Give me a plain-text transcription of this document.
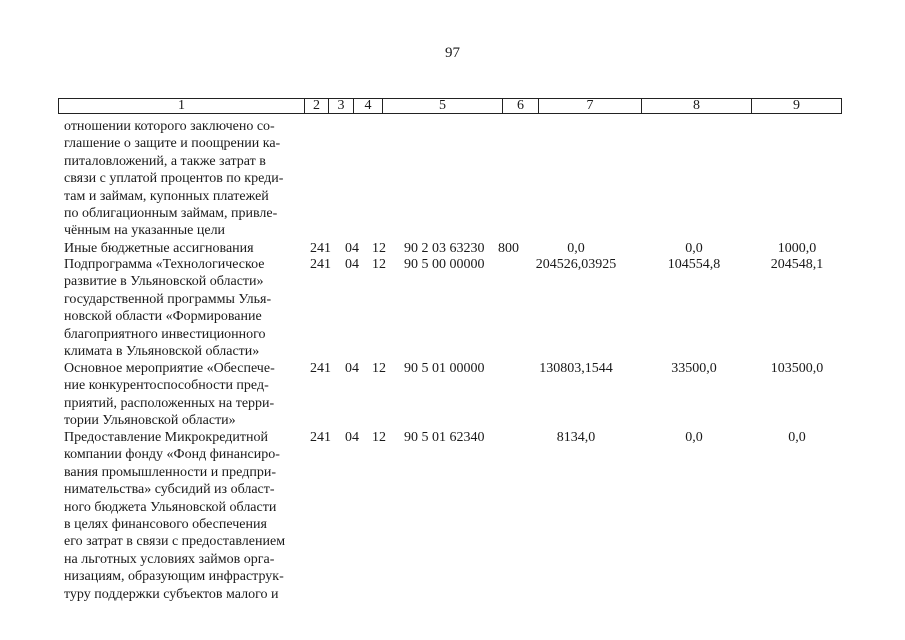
97
1	2	3	4	5	6	7	8	9
отношении которого заключено со-
глашение о защите и поощрении ка-
питаловложений, а также затрат в
связи с уплатой процентов по креди-
там и займам, купонных платежей
по облигационным займам, привле-
чённым на указанные цели
Иные бюджетные ассигнования	241 04 12 90 2 03 63230 800	0,0	0,0	1000,0
Подпрограмма «Технологическое
развитие в Ульяновской области»
государственной программы Улья-
новской области «Формирование
благоприятного инвестиционного
климата в Ульяновской области»
241 04 12 90 5 00 00000	204526,03925	104554,8	204548,1
Основное мероприятие «Обеспече-
ние конкурентоспособности пред-
приятий, расположенных на терри-
тории Ульяновской области»
241 04 12 90 5 01 00000	130803,1544	33500,0	103500,0
Предоставление Микрокредитной
компании фонду «Фонд финансиро-
вания промышленности и предпри-
нимательства» субсидий из област-
ного бюджета Ульяновской области
в целях финансового обеспечения
его затрат в связи с предоставлением
на льготных условиях займов орга-
низациям, образующим инфраструк-
туру поддержки субъектов малого и
241 04 12 90 5 01 62340	8134,0	0,0	0,0
